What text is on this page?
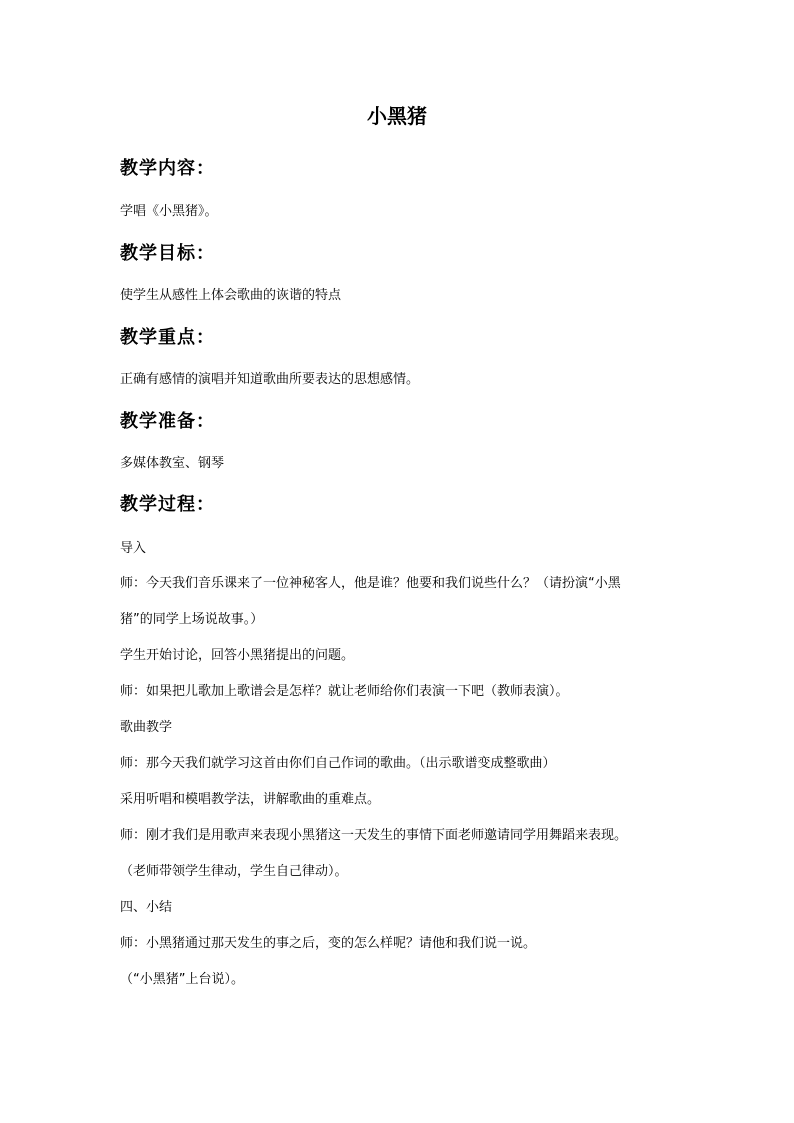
小黑猪
教学内容：
学唱《小黑猪》。
教学目标：
使学生从感性上体会歌曲的诙谐的特点
教学重点：
正确有感情的演唱并知道歌曲所要表达的思想感情。
教学准备：
多媒体教室、钢琴
教学过程：
导入
师：今天我们音乐课来了一位神秘客人，他是谁？他要和我们说些什么？（请扮演“小黑
猪”的同学上场说故事。）
学生开始讨论，回答小黑猪提出的问题。
师：如果把儿歌加上歌谱会是怎样？就让老师给你们表演一下吧（教师表演）。
歌曲教学
师：那今天我们就学习这首由你们自己作词的歌曲。（出示歌谱变成整歌曲）
采用听唱和模唱教学法，讲解歌曲的重难点。
师：刚才我们是用歌声来表现小黑猪这一天发生的事情下面老师邀请同学用舞蹈来表现。
（老师带领学生律动，学生自己律动）。
四、小结
师：小黑猪通过那天发生的事之后，变的怎么样呢？请他和我们说一说。
（“小黑猪”上台说）。
